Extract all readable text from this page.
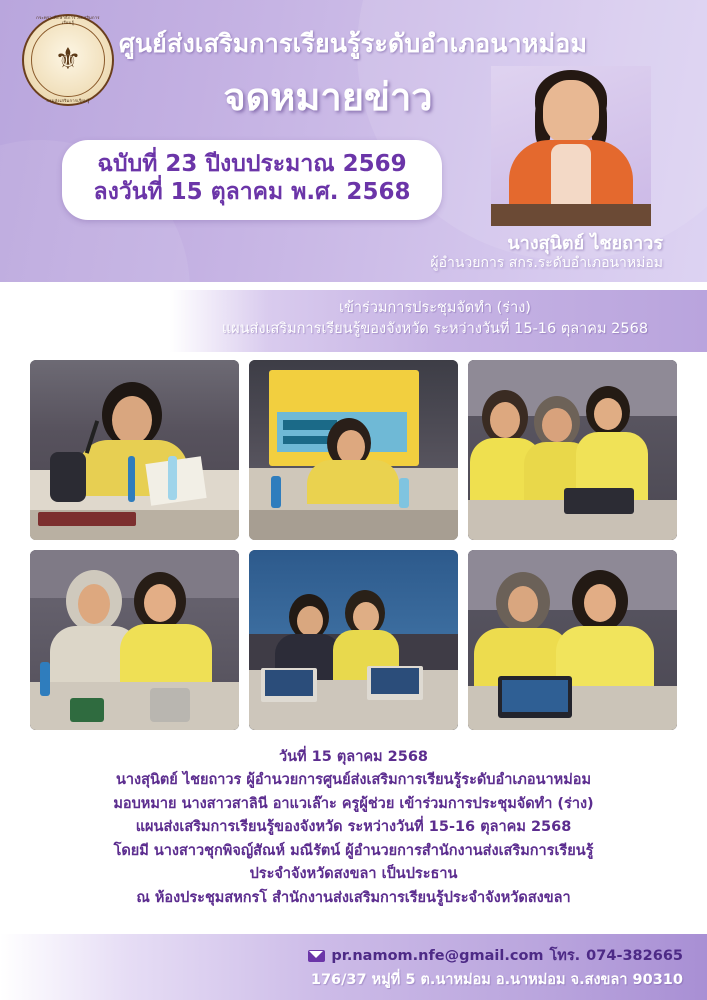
กระทรวงศึกษาธิการ ส่งเสริมการเรียนรู้
⚜
กรมส่งเสริมการเรียนรู้
ศูนย์ส่งเสริมการเรียนรู้ระดับอำเภอนาหม่อม
จดหมายข่าว
ฉบับที่ 23 ปีงบประมาณ 2569
ลงวันที่ 15 ตุลาคม พ.ศ. 2568
นางสุนิตย์ ไชยถาวร
ผู้อำนวยการ สกร.ระดับอำเภอนาหม่อม
เข้าร่วมการประชุมจัดทำ (ร่าง)
แผนส่งเสริมการเรียนรู้ของจังหวัด ระหว่างวันที่ 15-16 ตุลาคม 2568
วันที่ 15 ตุลาคม 2568
นางสุนิตย์ ไชยถาวร ผู้อำนวยการศูนย์ส่งเสริมการเรียนรู้ระดับอำเภอนาหม่อม
มอบหมาย นางสาวสาลินี อาแวเล๊าะ ครูผู้ช่วย เข้าร่วมการประชุมจัดทำ (ร่าง)
แผนส่งเสริมการเรียนรู้ของจังหวัด ระหว่างวันที่ 15-16 ตุลาคม 2568
โดยมี นางสาวชุกพิจญ์สัณห์ มณีรัตน์ ผู้อำนวยการสำนักงานส่งเสริมการเรียนรู้
ประจำจังหวัดสงขลา เป็นประธาน
ณ ห้องประชุมสหกรโ สำนักงานส่งเสริมการเรียนรู้ประจำจังหวัดสงขลา
pr.namom.nfe@gmail.com โทร. 074-382665
176/37 หมู่ที่ 5 ต.นาหม่อม อ.นาหม่อม จ.สงขลา 90310
